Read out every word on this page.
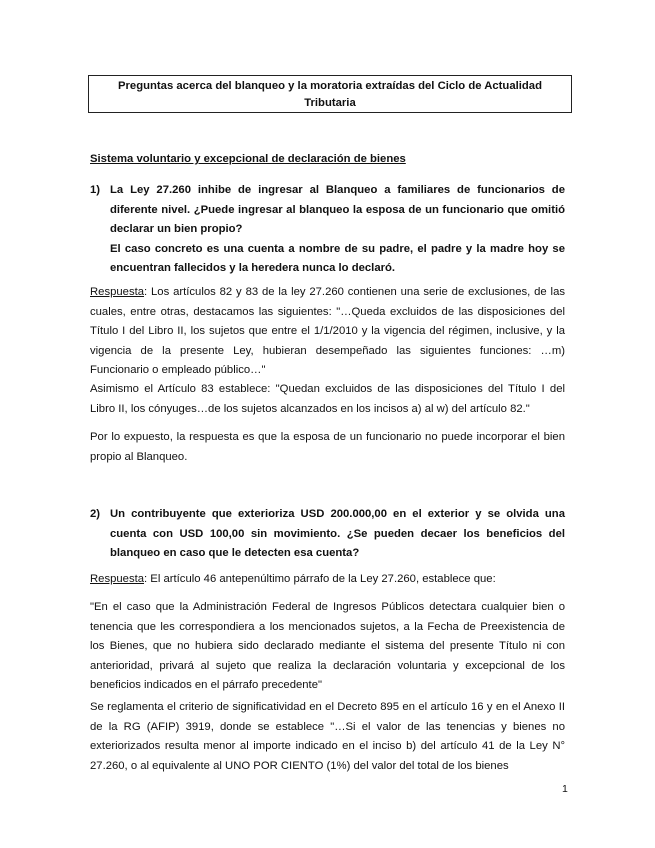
Preguntas acerca del blanqueo y la moratoria extraídas del Ciclo de Actualidad
Tributaria
Sistema voluntario y excepcional de declaración de bienes
1) La Ley 27.260 inhibe de ingresar al Blanqueo a familiares de funcionarios de diferente nivel. ¿Puede ingresar al blanqueo la esposa de un funcionario que omitió declarar un bien propio?
El caso concreto es una cuenta a nombre de su padre, el padre y la madre hoy se encuentran fallecidos y la heredera nunca lo declaró.
Respuesta: Los artículos 82 y 83 de la ley 27.260 contienen una serie de exclusiones, de las cuales, entre otras, destacamos las siguientes: "…Queda excluidos de las disposiciones del Título I del Libro II, los sujetos que entre el 1/1/2010 y la vigencia del régimen, inclusive, y la vigencia de la presente Ley, hubieran desempeñado las siguientes funciones: …m) Funcionario o empleado público…"
Asimismo el Artículo 83 establece: "Quedan excluidos de las disposiciones del Título I del Libro II, los cónyuges…de los sujetos alcanzados en los incisos a) al w) del artículo 82."
Por lo expuesto, la respuesta es que la esposa de un funcionario no puede incorporar el bien propio al Blanqueo.
2) Un contribuyente que exterioriza USD 200.000,00 en el exterior y se olvida una cuenta con USD 100,00 sin movimiento. ¿Se pueden decaer los beneficios del blanqueo en caso que le detecten esa cuenta?
Respuesta: El artículo 46 antepenúltimo párrafo de la Ley 27.260, establece que:
"En el caso que la Administración Federal de Ingresos Públicos detectara cualquier bien o tenencia que les correspondiera a los mencionados sujetos, a la Fecha de Preexistencia de los Bienes, que no hubiera sido declarado mediante el sistema del presente Título ni con anterioridad, privará al sujeto que realiza la declaración voluntaria y excepcional de los beneficios indicados en el párrafo precedente"
Se reglamenta el criterio de significatividad en el Decreto 895 en el artículo 16 y en el Anexo II de la RG (AFIP) 3919, donde se establece "…Si el valor de las tenencias y bienes no exteriorizados resulta menor al importe indicado en el inciso b) del artículo 41 de la Ley N° 27.260, o al equivalente al UNO POR CIENTO (1%) del valor del total de los bienes
1
